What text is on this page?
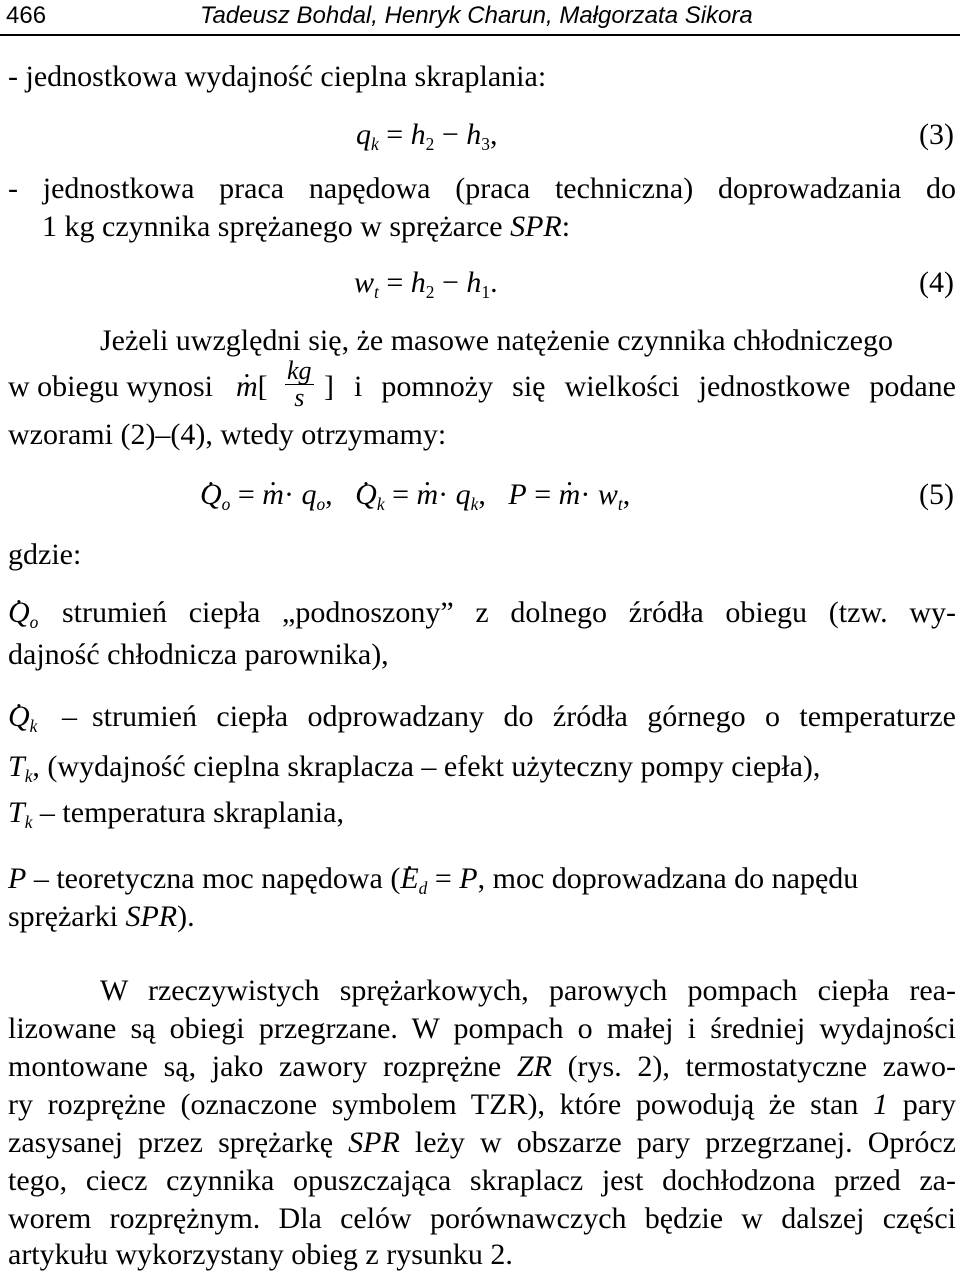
466	Tadeusz Bohdal, Henryk Charun, Małgorzata Sikora
- jednostkowa wydajność cieplna skraplania:
$q_k = h_2 - h_3$,	(3)
- jednostkowa praca napędowa (praca techniczna) doprowadzania do
1 kg czynnika sprężanego w sprężarce SPR:
$w_t = h_2 - h_1$.	(4)
Jeżeli uwzględni się, że masowe natężenie czynnika chłodniczego
w obiegu wynosi
. $m[ \frac{kg}{s}$ ] i pomnoży się wielkości jednostkowe podane
wzorami (2)–(4), wtedy otrzymamy:
. $Q_o$ = . $m\cdot q_o$,   . $Q_k$ = . $m\cdot q_k$,   P = . $m\cdot w_t$,	(5)
gdzie:
. $Q_o$ strumień ciepła „podnoszony” z dolnego źródła obiegu (tzw. wy-
dajność chłodnicza parownika),
. $Q_k$ – strumień ciepła odprowadzany do źródła górnego o temperaturze
$T_k$, (wydajność cieplna skraplacza – efekt użyteczny pompy ciepła),
$T_k$ – temperatura skraplania,
P – teoretyczna moc napędowa (. $E_d = P$, moc doprowadzana do napędu
sprężarki SPR).
W rzeczywistych sprężarkowych, parowych pompach ciepła rea-
lizowane są obiegi przegrzane. W pompach o małej i średniej wydajności
montowane są, jako zawory rozprężne ZR (rys. 2), termostatyczne zawo-
ry rozprężne (oznaczone symbolem TZR), które powodują że stan 1 pary
zasysanej przez sprężarkę SPR leży w obszarze pary przegrzanej. Oprócz
tego, ciecz czynnika opuszczająca skraplacz jest dochłodzona przed za-
worem rozprężnym. Dla celów porównawczych będzie w dalszej części
artykułu wykorzystany obieg z rysunku 2.
